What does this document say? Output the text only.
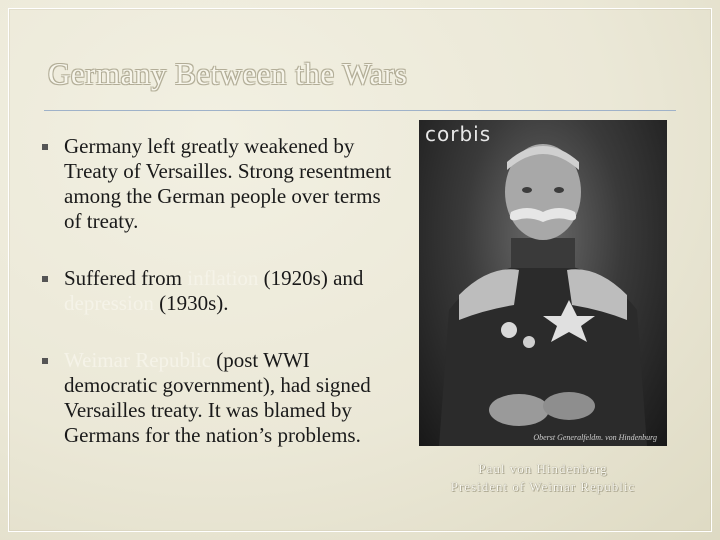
Germany Between the Wars
Germany left greatly weakened by Treaty of Versailles. Strong resentment among the German people over terms of treaty.
Suffered from inflation (1920s) and depression (1930s).
Weimar Republic (post WWI democratic government), had signed Versailles treaty. It was blamed by Germans for the nation’s problems.
corbis
Oberst Generalfeldm. von Hindenburg
Paul von Hindenberg
President of Weimar Republic
